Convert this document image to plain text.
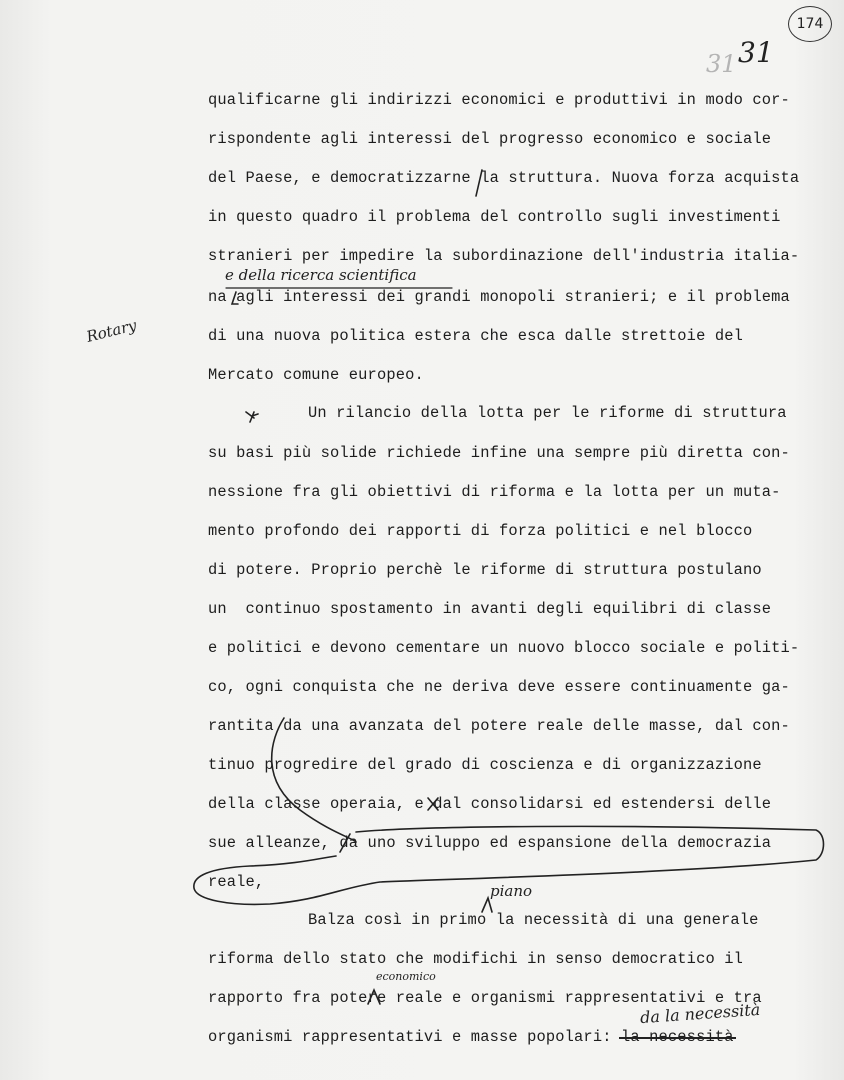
174
31 31
Rotary
qualificarne gli indirizzi economici e produttivi in modo cor-
rispondente agli interessi del progresso economico e sociale
del Paese, e democratizzarne la struttura. Nuova forza acquista
in questo quadro il problema del controllo sugli investimenti
stranieri per impedire la subordinazione dell'industria italia-
e della ricerca scientifica
na agli interessi dei grandi monopoli stranieri; e il problema
di una nuova politica estera che esca dalle strettoie del
Mercato comune europeo.
Un rilancio della lotta per le riforme di struttura
su basi più solide richiede infine una sempre più diretta con-
nessione fra gli obiettivi di riforma e la lotta per un muta-
mento profondo dei rapporti di forza politici e nel blocco
di potere. Proprio perchè le riforme di struttura postulano
un  continuo spostamento in avanti degli equilibri di classe
e politici e devono cementare un nuovo blocco sociale e politi-
co, ogni conquista che ne deriva deve essere continuamente ga-
rantita da una avanzata del potere reale delle masse, dal con-
tinuo progredire del grado di coscienza e di organizzazione
della classe operaia, e dal consolidarsi ed estendersi delle
sue alleanze, da uno sviluppo ed espansione della democrazia
reale,	piano
Balza così in primo la necessità di una generale
riforma dello stato che modifichi in senso democratico il
economico
rapporto fra potere reale e organismi rappresentativi e tra
da la necessità
organismi rappresentativi e masse popolari: la necessità
